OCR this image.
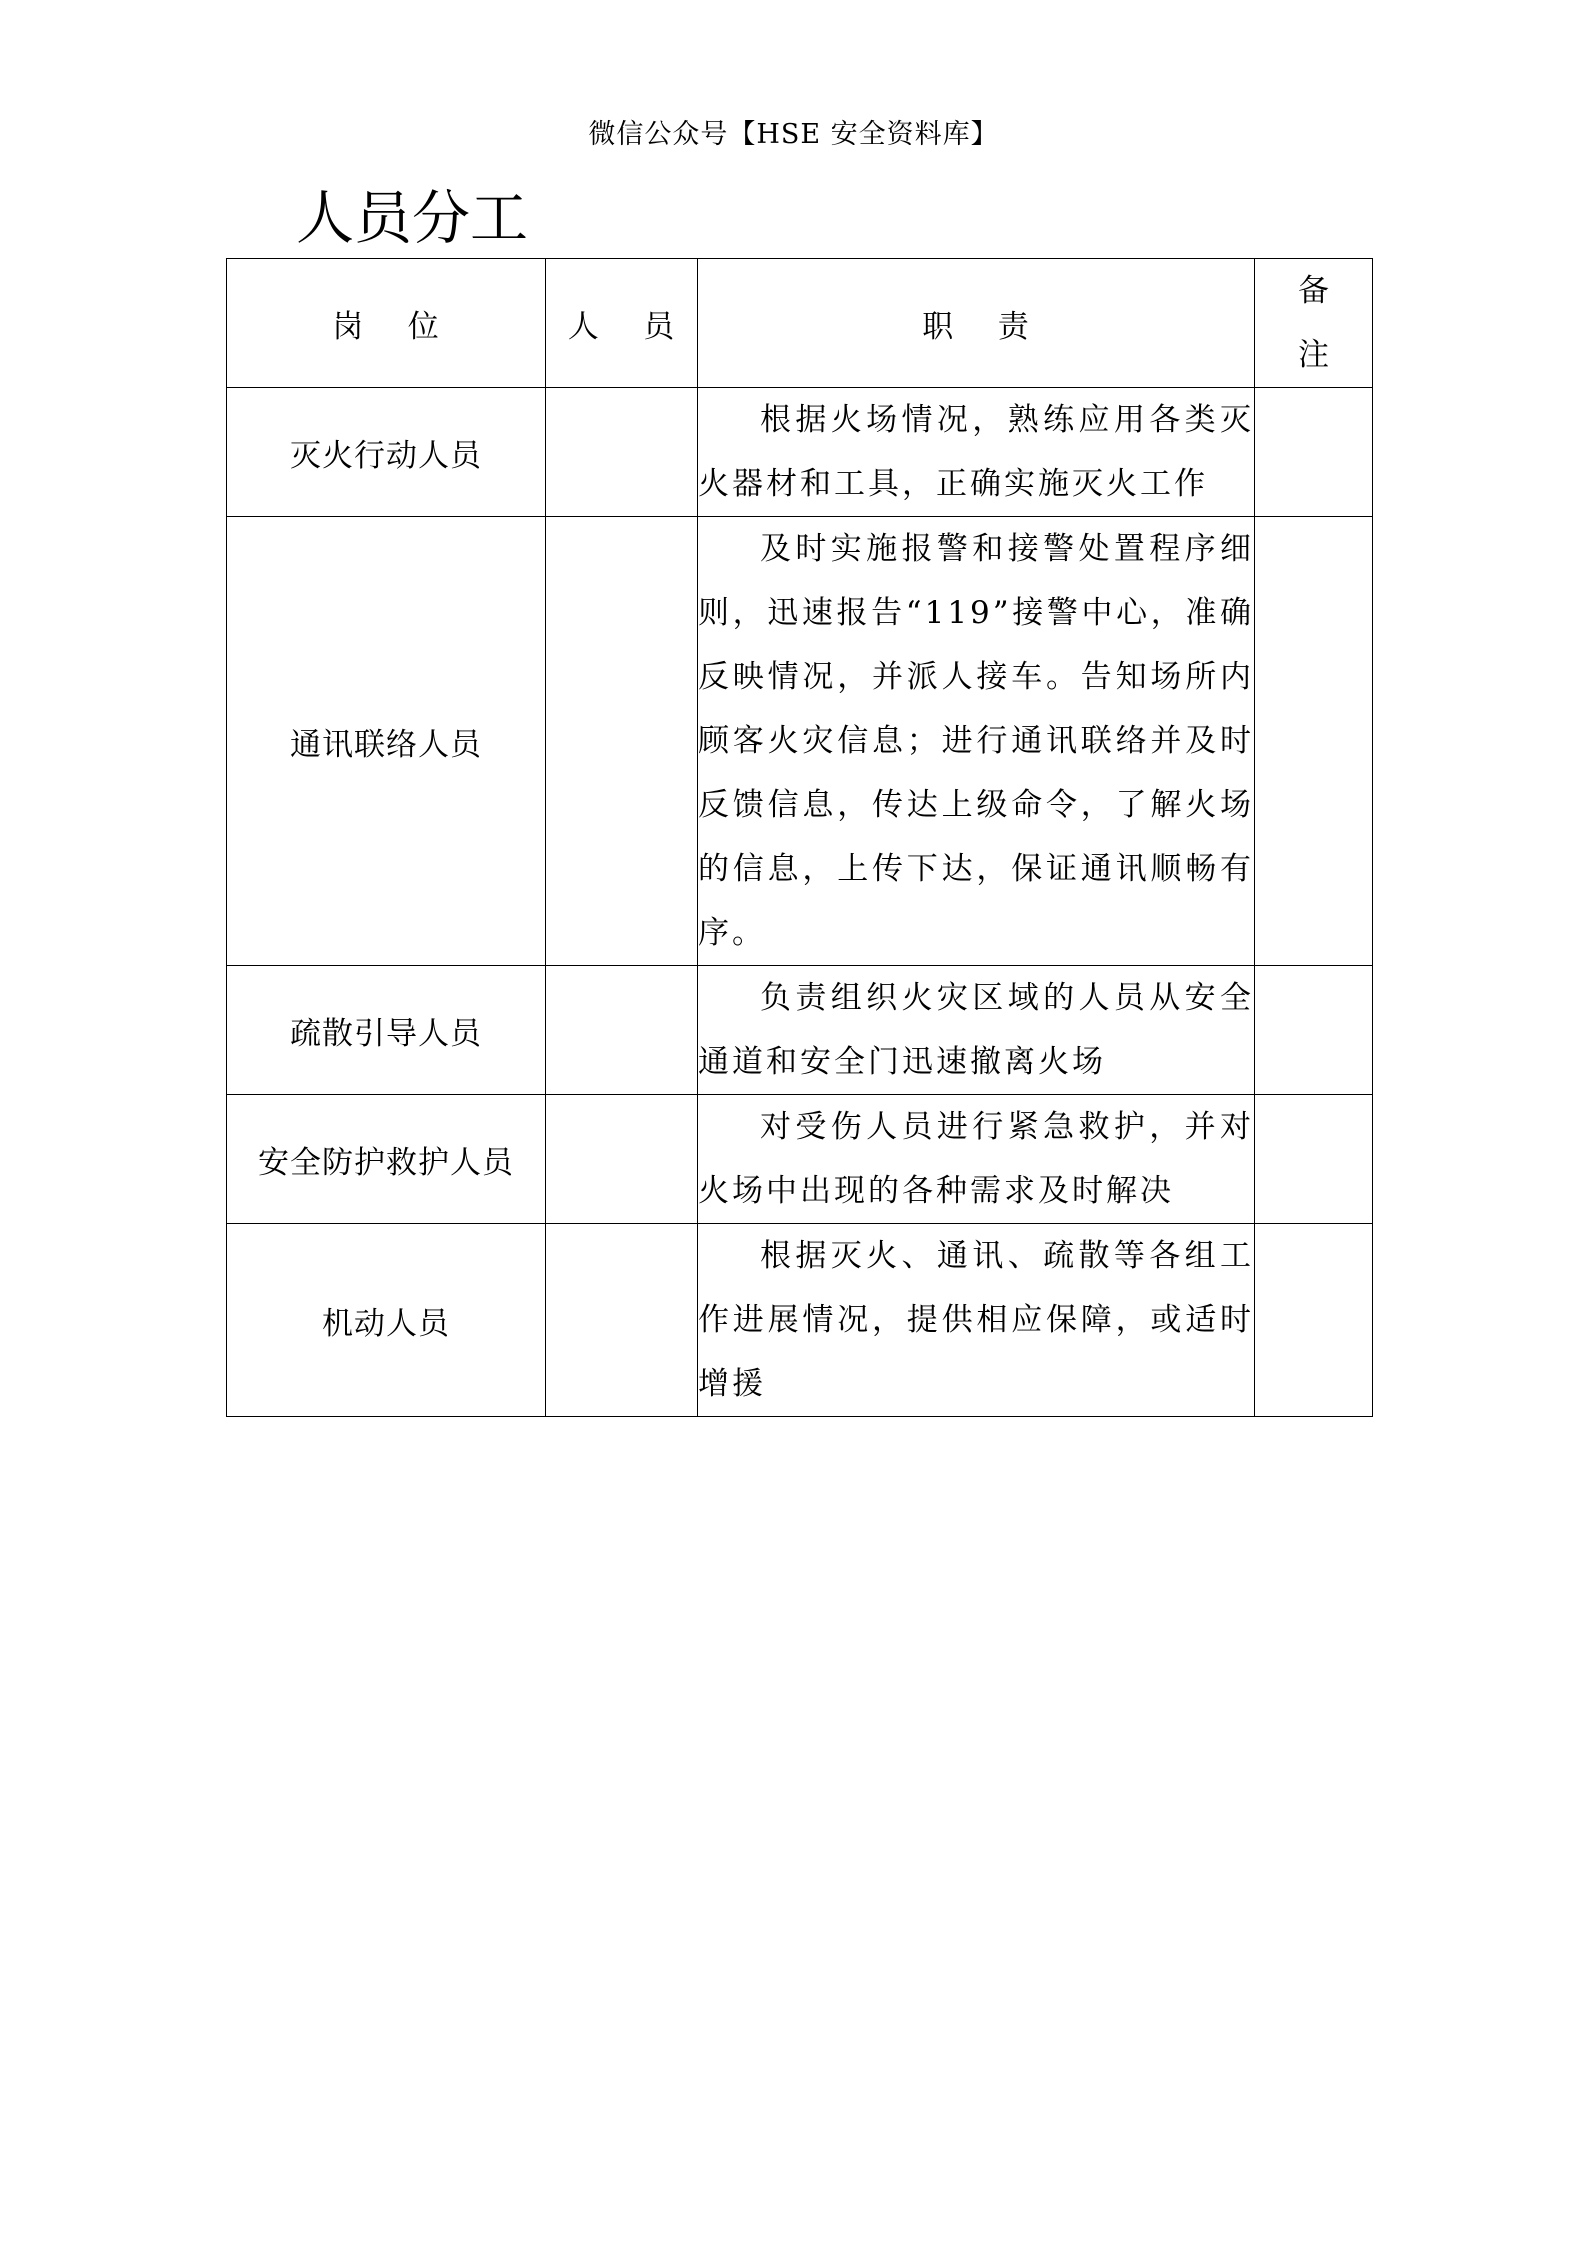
微信公众号【HSE 安全资料库】
人员分工
岗    位	人    员	职    责	备注
灭火行动人员		根据火场情况，熟练应用各类灭火器材和工具，正确实施灭火工作	

通讯联络人员		及时实施报警和接警处置程序细则，迅速报告“119”接警中心，准确反映情况，并派人接车。告知场所内顾客火灾信息；进行通讯联络并及时反馈信息，传达上级命令，了解火场的信息，上传下达，保证通讯顺畅有序。	

疏散引导人员		负责组织火灾区域的人员从安全通道和安全门迅速撤离火场	

安全防护救护人员		对受伤人员进行紧急救护，并对火场中出现的各种需求及时解决	

机动人员		根据灭火、通讯、疏散等各组工作进展情况，提供相应保障，或适时增援	
